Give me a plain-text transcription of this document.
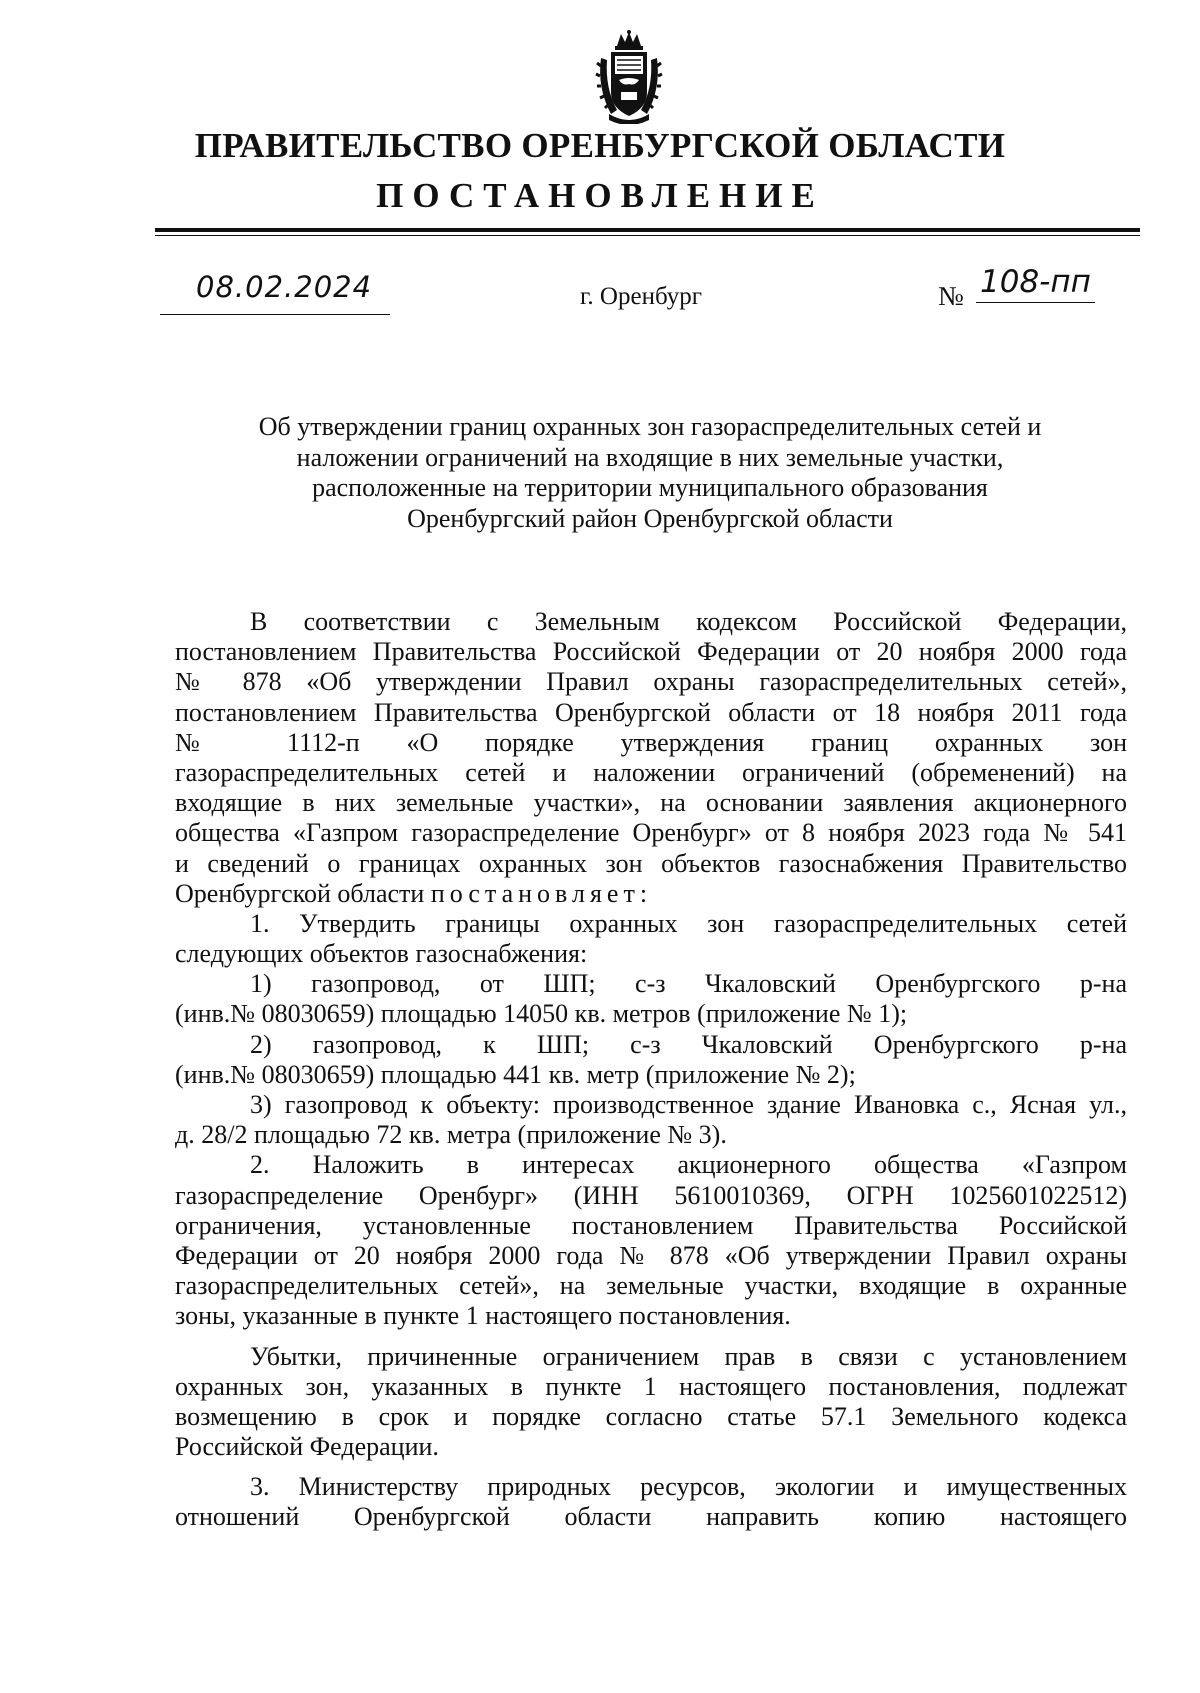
ПРАВИТЕЛЬСТВО ОРЕНБУРГСКОЙ ОБЛАСТИ
ПОСТАНОВЛЕНИЕ
08.02.2024	г. Оренбург	№ 108-пп
Об утверждении границ охранных зон газораспределительных сетей и
наложении ограничений на входящие в них земельные участки,
расположенные на территории муниципального образования
Оренбургский район Оренбургской области
В соответствии с Земельным кодексом Российской Федерации,
постановлением Правительства Российской Федерации от 20 ноября 2000 года
№ 878 «Об утверждении Правил охраны газораспределительных сетей»,
постановлением Правительства Оренбургской области от 18 ноября 2011 года
№ 1112-п «О порядке утверждения границ охранных зон
газораспределительных сетей и наложении ограничений (обременений) на
входящие в них земельные участки», на основании заявления акционерного
общества «Газпром газораспределение Оренбург» от 8 ноября 2023 года № 541
и сведений о границах охранных зон объектов газоснабжения Правительство
Оренбургской области постановляет:
1. Утвердить границы охранных зон газораспределительных сетей
следующих объектов газоснабжения:
1) газопровод, от ШП; с-з Чкаловский Оренбургского р-на
(инв.№ 08030659) площадью 14050 кв. метров (приложение № 1);
2) газопровод, к ШП; с-з Чкаловский Оренбургского р-на
(инв.№ 08030659) площадью 441 кв. метр (приложение № 2);
3) газопровод к объекту: производственное здание Ивановка с., Ясная ул.,
д. 28/2 площадью 72 кв. метра (приложение № 3).
2. Наложить в интересах акционерного общества «Газпром
газораспределение Оренбург» (ИНН 5610010369, ОГРН 1025601022512)
ограничения, установленные постановлением Правительства Российской
Федерации от 20 ноября 2000 года № 878 «Об утверждении Правил охраны
газораспределительных сетей», на земельные участки, входящие в охранные
зоны, указанные в пункте 1 настоящего постановления.
Убытки, причиненные ограничением прав в связи с установлением
охранных зон, указанных в пункте 1 настоящего постановления, подлежат
возмещению в срок и порядке согласно статье 57.1 Земельного кодекса
Российской Федерации.
3. Министерству природных ресурсов, экологии и имущественных
отношений Оренбургской области направить копию настоящего
